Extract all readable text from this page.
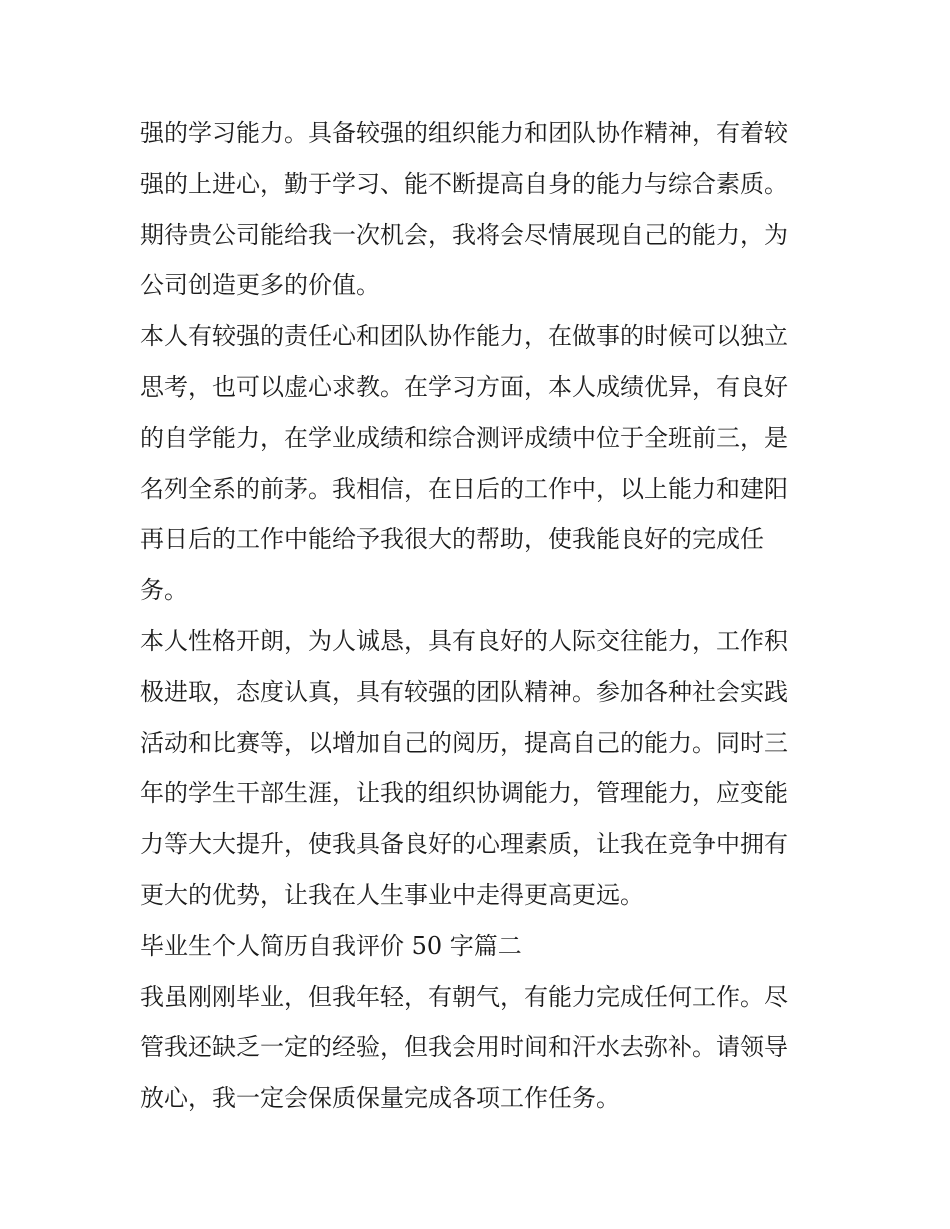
强的学习能力。具备较强的组织能力和团队协作精神，有着较
强的上进心，勤于学习、能不断提高自身的能力与综合素质。
期待贵公司能给我一次机会，我将会尽情展现自己的能力，为
公司创造更多的价值。
本人有较强的责任心和团队协作能力，在做事的时候可以独立
思考，也可以虚心求教。在学习方面，本人成绩优异，有良好
的自学能力，在学业成绩和综合测评成绩中位于全班前三，是
名列全系的前茅。我相信，在日后的工作中，以上能力和建阳
再日后的工作中能给予我很大的帮助，使我能良好的完成任
务。
本人性格开朗，为人诚恳，具有良好的人际交往能力，工作积
极进取，态度认真，具有较强的团队精神。参加各种社会实践
活动和比赛等，以增加自己的阅历，提高自己的能力。同时三
年的学生干部生涯，让我的组织协调能力，管理能力，应变能
力等大大提升，使我具备良好的心理素质，让我在竞争中拥有
更大的优势，让我在人生事业中走得更高更远。
毕业生个人简历自我评价 50 字篇二
我虽刚刚毕业，但我年轻，有朝气，有能力完成任何工作。尽
管我还缺乏一定的经验，但我会用时间和汗水去弥补。请领导
放心，我一定会保质保量完成各项工作任务。
